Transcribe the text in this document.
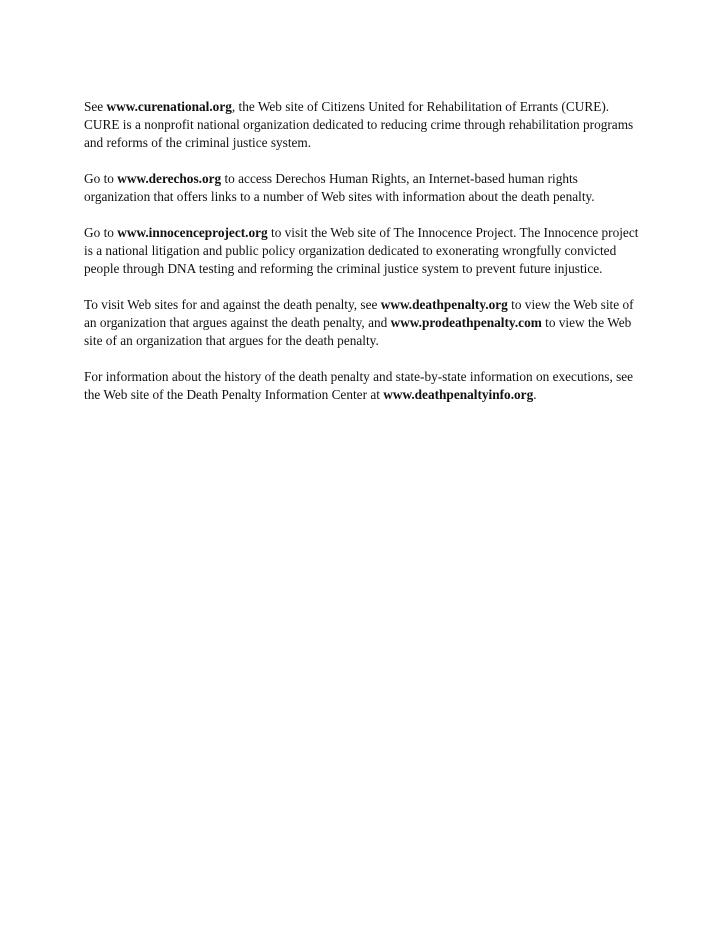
See www.curenational.org, the Web site of Citizens United for Rehabilitation of Errants (CURE). CURE is a nonprofit national organization dedicated to reducing crime through rehabilitation programs and reforms of the criminal justice system.

Go to www.derechos.org to access Derechos Human Rights, an Internet-based human rights organization that offers links to a number of Web sites with information about the death penalty.

Go to www.innocenceproject.org to visit the Web site of The Innocence Project. The Innocence project is a national litigation and public policy organization dedicated to exonerating wrongfully convicted people through DNA testing and reforming the criminal justice system to prevent future injustice.

To visit Web sites for and against the death penalty, see www.deathpenalty.org to view the Web site of an organization that argues against the death penalty, and www.prodeathpenalty.com to view the Web site of an organization that argues for the death penalty.

For information about the history of the death penalty and state-by-state information on executions, see the Web site of the Death Penalty Information Center at www.deathpenaltyinfo.org.
